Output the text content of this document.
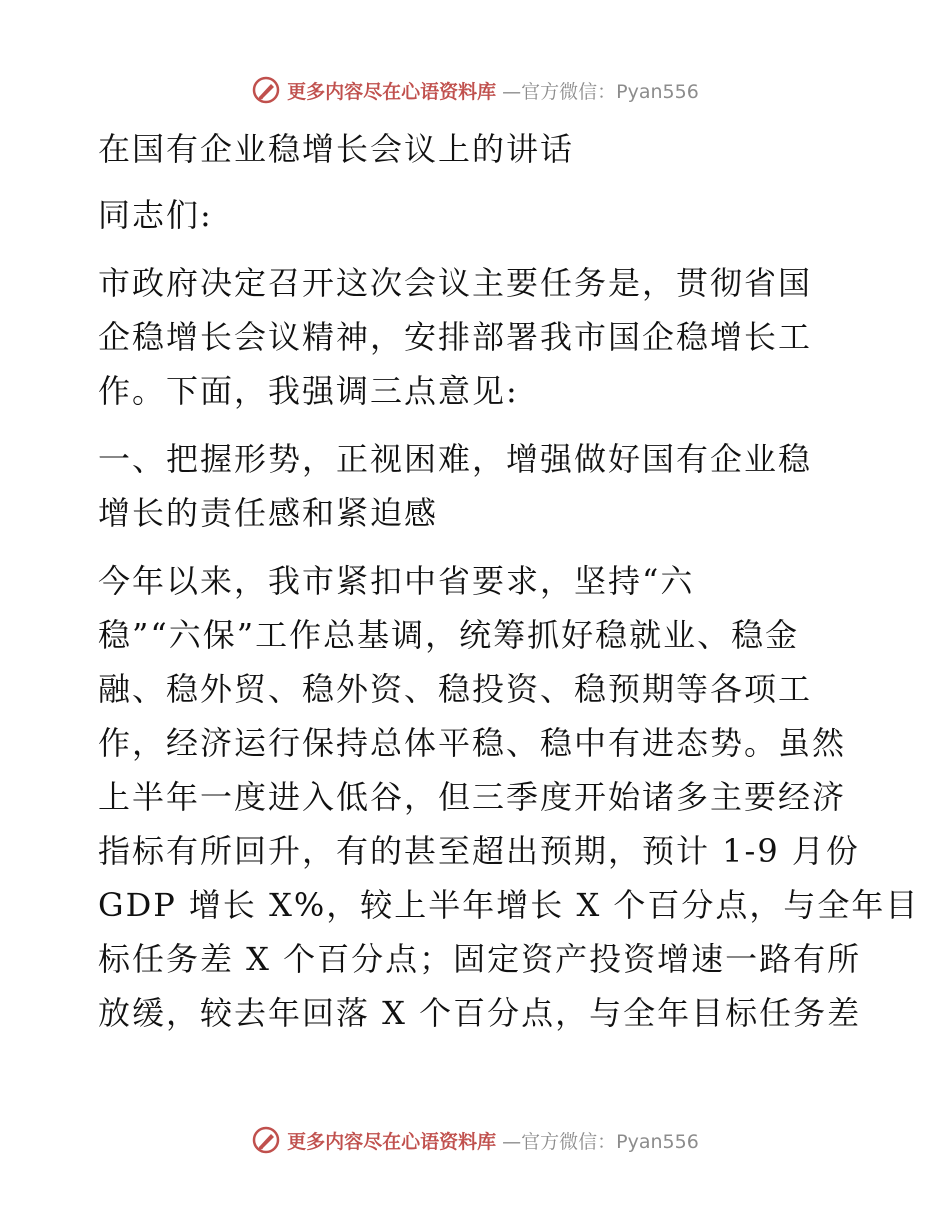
更多内容尽在心语资料库 —官方微信：Pyan556
在国有企业稳增长会议上的讲话
同志们:
市政府决定召开这次会议主要任务是，贯彻省国
企稳增长会议精神，安排部署我市国企稳增长工
作。下面，我强调三点意见:
一、把握形势，正视困难，增强做好国有企业稳
增长的责任感和紧迫感
今年以来，我市紧扣中省要求，坚持“六
稳”“六保”工作总基调，统筹抓好稳就业、稳金
融、稳外贸、稳外资、稳投资、稳预期等各项工
作，经济运行保持总体平稳、稳中有进态势。虽然
上半年一度进入低谷，但三季度开始诸多主要经济
指标有所回升，有的甚至超出预期，预计 1-9 月份
GDP 增长 X%，较上半年增长 X 个百分点，与全年目
标任务差 X 个百分点；固定资产投资增速一路有所
放缓，较去年回落 X 个百分点，与全年目标任务差
更多内容尽在心语资料库 —官方微信：Pyan556
